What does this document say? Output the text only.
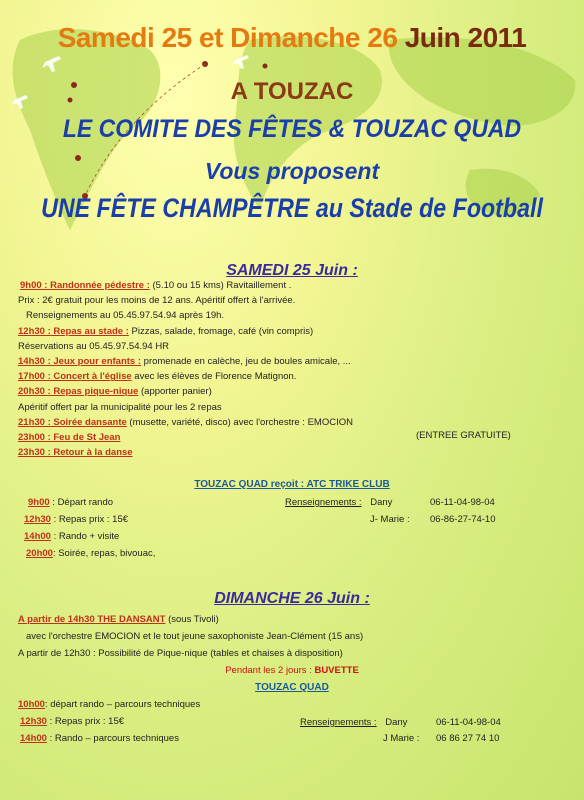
Samedi 25 et Dimanche 26 Juin 2011
A TOUZAC
LE COMITE DES FÊTES & TOUZAC QUAD
Vous proposent
UNE FÊTE CHAMPÊTRE au Stade de Football
SAMEDI 25 Juin :
9h00 : Randonnée pédestre : (5.10 ou 15 kms) Ravitaillement .
Prix : 2€ gratuit pour les moins de 12 ans. Apéritif offert à l'arrivée.
Renseignements au 05.45.97.54.94 après 19h.
12h30 : Repas au stade : Pizzas, salade, fromage, café (vin compris)
Réservations au 05.45.97.54.94 HR
14h30 : Jeux pour enfants : promenade en calèche, jeu de boules amicale, ...
17h00 : Concert à l'église avec les élèves de Florence Matignon.
20h30 : Repas pique-nique (apporter panier)
Apéritif offert par la municipalité pour les 2 repas
21h30 : Soirée dansante (musette, variété, disco) avec l'orchestre : EMOCION
23h00 : Feu de St Jean
23h30 : Retour à la danse
(ENTREE GRATUITE)
TOUZAC QUAD reçoit : ATC TRIKE CLUB
9h00 : Départ rando
12h30 : Repas prix : 15€
14h00 : Rando + visite
20h00: Soirée, repas, bivouac,
Renseignements : Dany	06-11-04-98-04
J- Marie : 06-86-27-74-10
DIMANCHE 26 Juin :
A partir de 14h30 THE DANSANT (sous Tivoli)
avec l'orchestre EMOCION et le tout jeune saxophoniste Jean-Clément (15 ans)
A partir de 12h30 : Possibilité de Pique-nique (tables et chaises à disposition)
Pendant les 2 jours : BUVETTE
TOUZAC QUAD
10h00: départ rando – parcours techniques
12h30 : Repas prix : 15€
14h00 : Rando – parcours techniques
Renseignements : Dany	06-11-04-98-04
J Marie : 06 86 27 74 10
